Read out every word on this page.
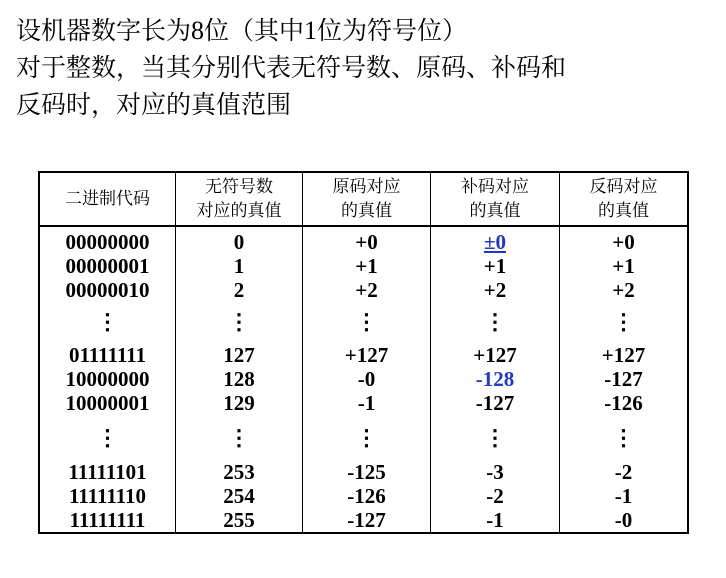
设机器数字长为8位（其中1位为符号位）
对于整数，当其分别代表无符号数、原码、补码和
反码时，对应的真值范围
二进制代码
无符号数
对应的真值
原码对应
的真值
补码对应
的真值
反码对应
的真值
00000000
00000001
00000010
⋮
01111111
10000000
10000001
⋮
11111101
11111110
11111111
0
1
2
⋮
127
128
129
⋮
253
254
255
+0
+1
+2
⋮
+127
-0
-1
⋮
-125
-126
-127
±0
+1
+2
⋮
+127
-128
-127
⋮
-3
-2
-1
+0
+1
+2
⋮
+127
-127
-126
⋮
-2
-1
-0
